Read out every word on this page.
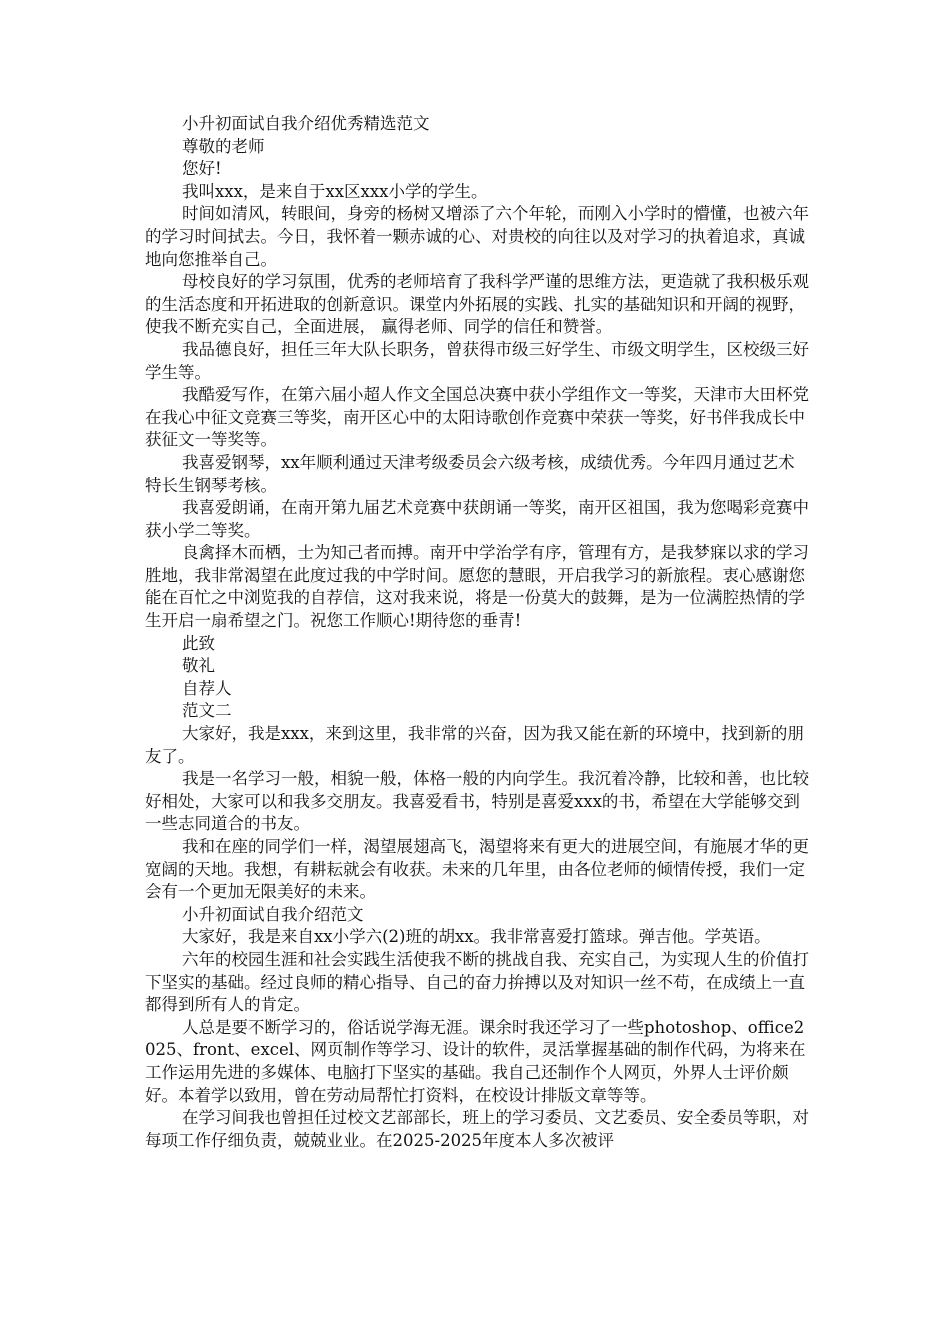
小升初面试自我介绍优秀精选范文

尊敬的老师

您好!

我叫xxx，是来自于xx区xxx小学的学生。

时间如清风，转眼间，身旁的杨树又增添了六个年轮，而刚入小学时的懵懂，也被六年的学习时间拭去。今日，我怀着一颗赤诚的心、对贵校的向往以及对学习的执着追求，真诚地向您推举自己。

母校良好的学习氛围，优秀的老师培育了我科学严谨的思维方法，更造就了我积极乐观的生活态度和开拓进取的创新意识。课堂内外拓展的实践、扎实的基础知识和开阔的视野，使我不断充实自己，全面进展， 赢得老师、同学的信任和赞誉。

我品德良好，担任三年大队长职务，曾获得市级三好学生、市级文明学生，区校级三好学生等。

我酷爱写作，在第六届小超人作文全国总决赛中获小学组作文一等奖，天津市大田杯党在我心中征文竞赛三等奖，南开区心中的太阳诗歌创作竞赛中荣获一等奖，好书伴我成长中获征文一等奖等。

我喜爱钢琴，xx年顺利通过天津考级委员会六级考核，成绩优秀。今年四月通过艺术特长生钢琴考核。

我喜爱朗诵，在南开第九届艺术竞赛中获朗诵一等奖，南开区祖国，我为您喝彩竞赛中获小学二等奖。

良禽择木而栖，士为知己者而搏。南开中学治学有序，管理有方，是我梦寐以求的学习胜地，我非常渴望在此度过我的中学时间。愿您的慧眼，开启我学习的新旅程。衷心感谢您能在百忙之中浏览我的自荐信，这对我来说，将是一份莫大的鼓舞，是为一位满腔热情的学生开启一扇希望之门。祝您工作顺心!期待您的垂青!

此致

敬礼

自荐人

范文二

大家好，我是xxx，来到这里，我非常的兴奋，因为我又能在新的环境中，找到新的朋友了。

我是一名学习一般，相貌一般，体格一般的内向学生。我沉着冷静，比较和善，也比较好相处，大家可以和我多交朋友。我喜爱看书，特别是喜爱xxx的书，希望在大学能够交到一些志同道合的书友。

我和在座的同学们一样，渴望展翅高飞，渴望将来有更大的进展空间，有施展才华的更宽阔的天地。我想，有耕耘就会有收获。未来的几年里，由各位老师的倾情传授，我们一定会有一个更加无限美好的未来。

小升初面试自我介绍范文

大家好，我是来自xx小学六(2)班的胡xx。我非常喜爱打篮球。弹吉他。学英语。

六年的校园生涯和社会实践生活使我不断的挑战自我、充实自己，为实现人生的价值打下坚实的基础。经过良师的精心指导、自己的奋力拚搏以及对知识一丝不苟，在成绩上一直都得到所有人的肯定。

人总是要不断学习的，俗话说学海无涯。课余时我还学习了一些photoshop、office2025、front、excel、网页制作等学习、设计的软件，灵活掌握基础的制作代码，为将来在工作运用先进的多媒体、电脑打下坚实的基础。我自己还制作个人网页，外界人士评价颇好。本着学以致用，曾在劳动局帮忙打资料，在校设计排版文章等等。

在学习间我也曾担任过校文艺部部长，班上的学习委员、文艺委员、安全委员等职，对每项工作仔细负责，兢兢业业。在2025-2025年度本人多次被评
